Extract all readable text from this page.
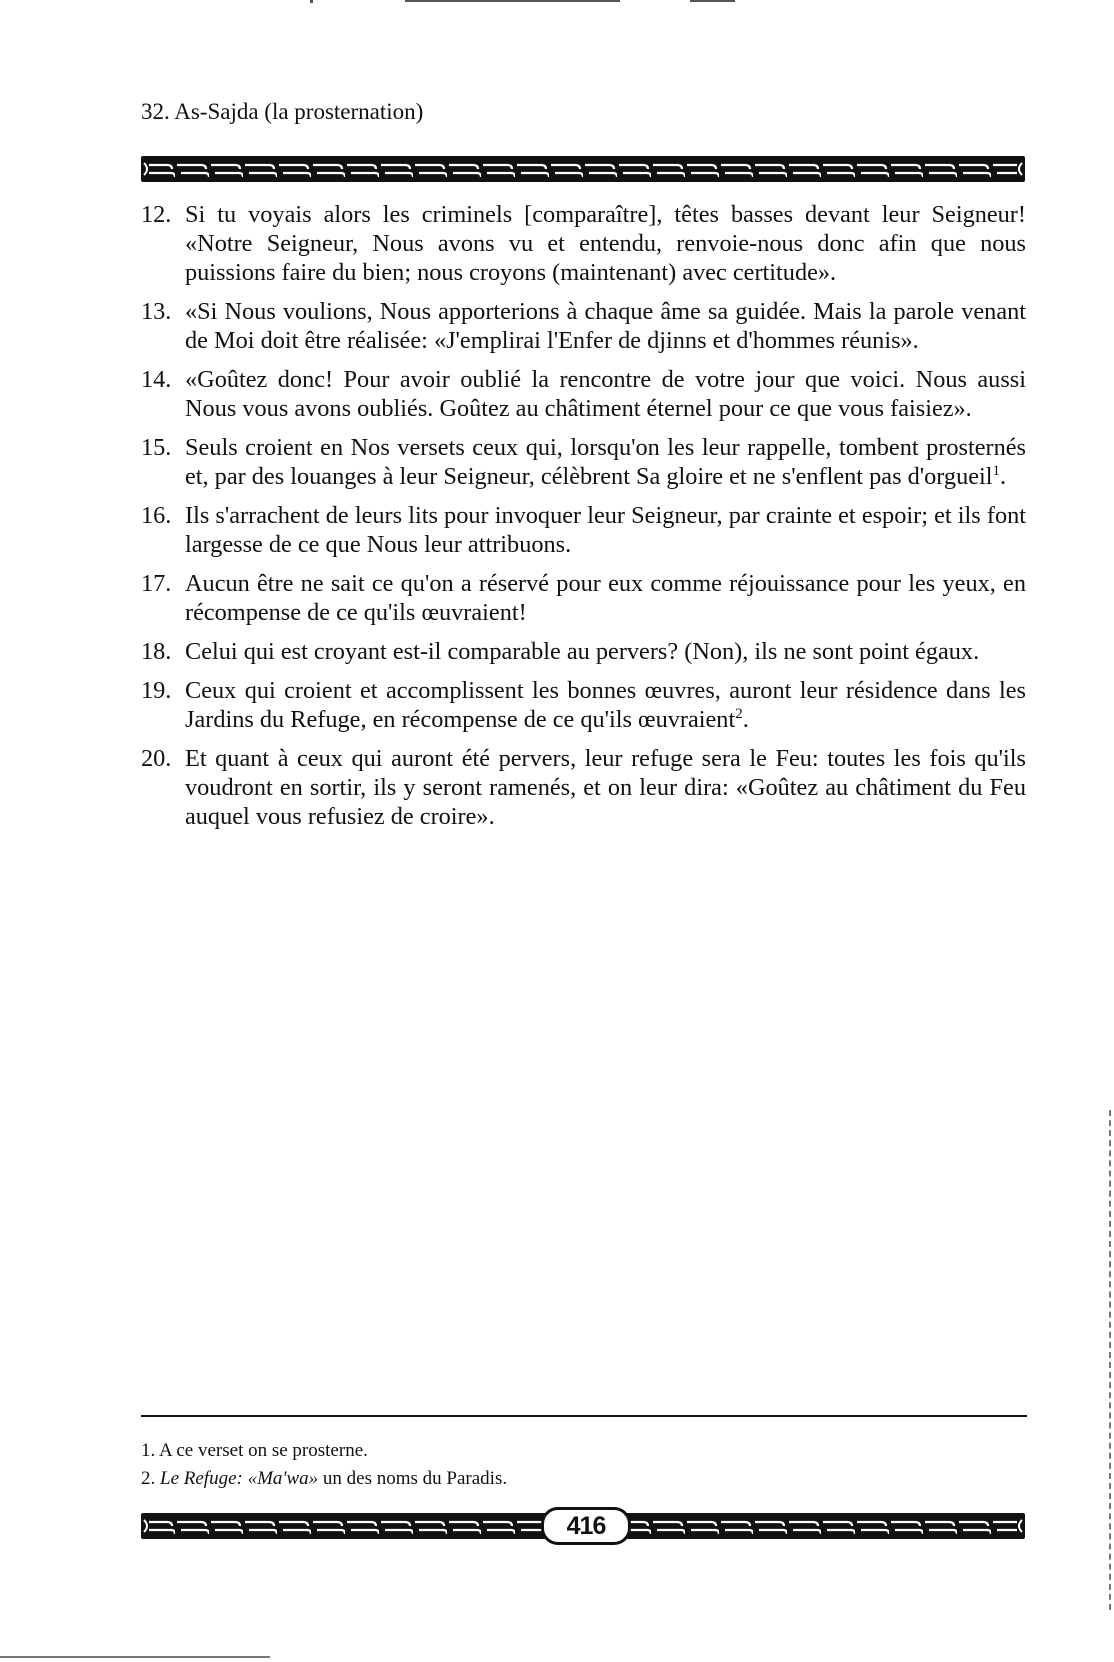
32. As-Sajda (la prosternation)
12. Si tu voyais alors les criminels [comparaître], têtes basses devant leur Seigneur! «Notre Seigneur, Nous avons vu et entendu, renvoie-nous donc afin que nous puissions faire du bien; nous croyons (maintenant) avec certitude».
13. «Si Nous voulions, Nous apporterions à chaque âme sa guidée. Mais la parole venant de Moi doit être réalisée: «J'emplirai l'Enfer de djinns et d'hommes réunis».
14. «Goûtez donc! Pour avoir oublié la rencontre de votre jour que voici. Nous aussi Nous vous avons oubliés. Goûtez au châtiment éternel pour ce que vous faisiez».
15. Seuls croient en Nos versets ceux qui, lorsqu'on les leur rappelle, tombent prosternés et, par des louanges à leur Seigneur, célèbrent Sa gloire et ne s'enflent pas d'orgueil$^1$.
16. Ils s'arrachent de leurs lits pour invoquer leur Seigneur, par crainte et espoir; et ils font largesse de ce que Nous leur attribuons.
17. Aucun être ne sait ce qu'on a réservé pour eux comme réjouissance pour les yeux, en récompense de ce qu'ils œuvraient!
18. Celui qui est croyant est-il comparable au pervers? (Non), ils ne sont point égaux.
19. Ceux qui croient et accomplissent les bonnes œuvres, auront leur résidence dans les Jardins du Refuge, en récompense de ce qu'ils œuvraient$^2$.
20. Et quant à ceux qui auront été pervers, leur refuge sera le Feu: toutes les fois qu'ils voudront en sortir, ils y seront ramenés, et on leur dira: «Goûtez au châtiment du Feu auquel vous refusiez de croire».
1. A ce verset on se prosterne.
2. Le Refuge: «Ma'wa» un des noms du Paradis.
416
